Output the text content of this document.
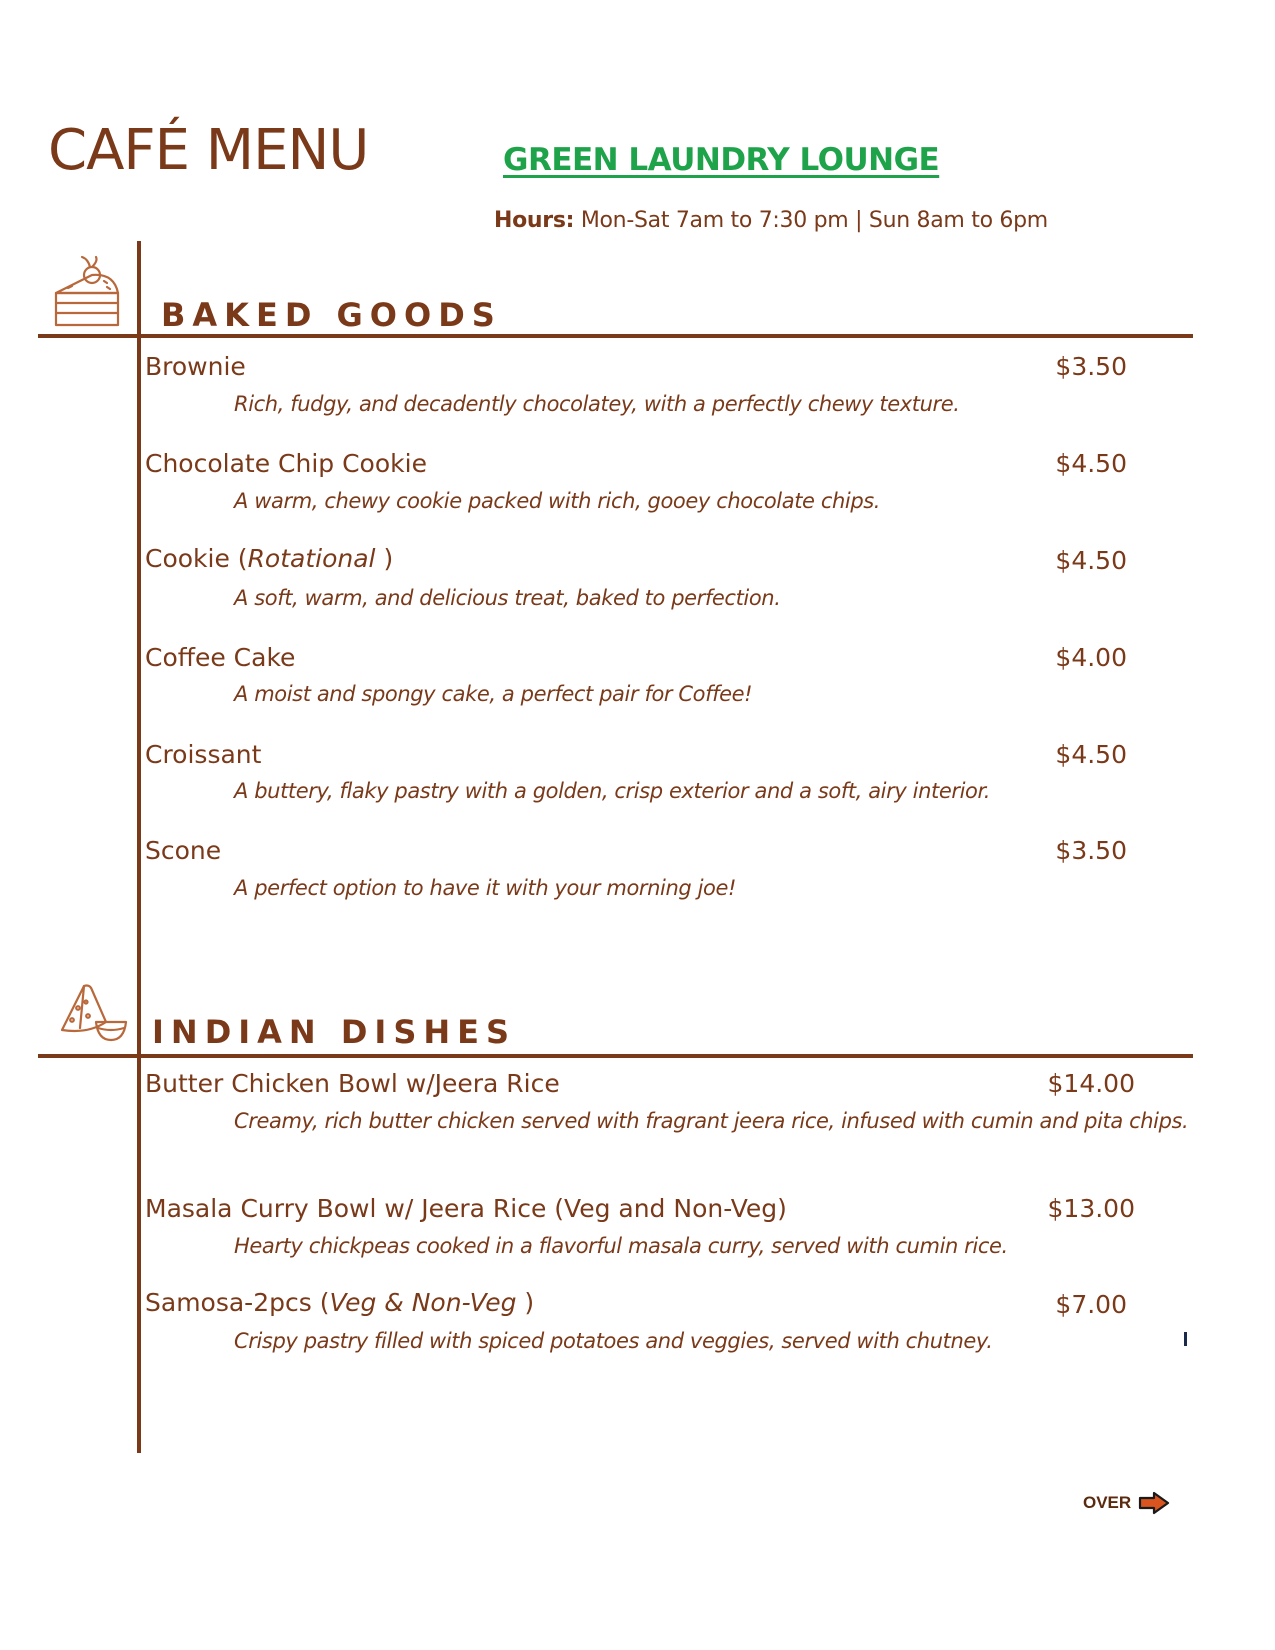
CAFÉ MENU	GREEN LAUNDRY LOUNGE
Hours: Mon-Sat 7am to 7:30 pm | Sun 8am to 6pm
BAKED GOODS
Brownie	$3.50
Rich, fudgy, and decadently chocolatey, with a perfectly chewy texture.
Chocolate Chip Cookie	$4.50
A warm, chewy cookie packed with rich, gooey chocolate chips.
Cookie (Rotational )	$4.50
A soft, warm, and delicious treat, baked to perfection.
Coffee Cake	$4.00
A moist and spongy cake, a perfect pair for Coffee!
Croissant	$4.50
A buttery, flaky pastry with a golden, crisp exterior and a soft, airy interior.
Scone	$3.50
A perfect option to have it with your morning joe!
INDIAN DISHES
Butter Chicken Bowl w/Jeera Rice	$14.00
Creamy, rich butter chicken served with fragrant jeera rice, infused with cumin and pita chips.
Masala Curry Bowl w/ Jeera Rice (Veg and Non-Veg)	$13.00
Hearty chickpeas cooked in a flavorful masala curry, served with cumin rice.
Samosa-2pcs (Veg & Non-Veg )	$7.00
Crispy pastry filled with spiced potatoes and veggies, served with chutney.
OVER
